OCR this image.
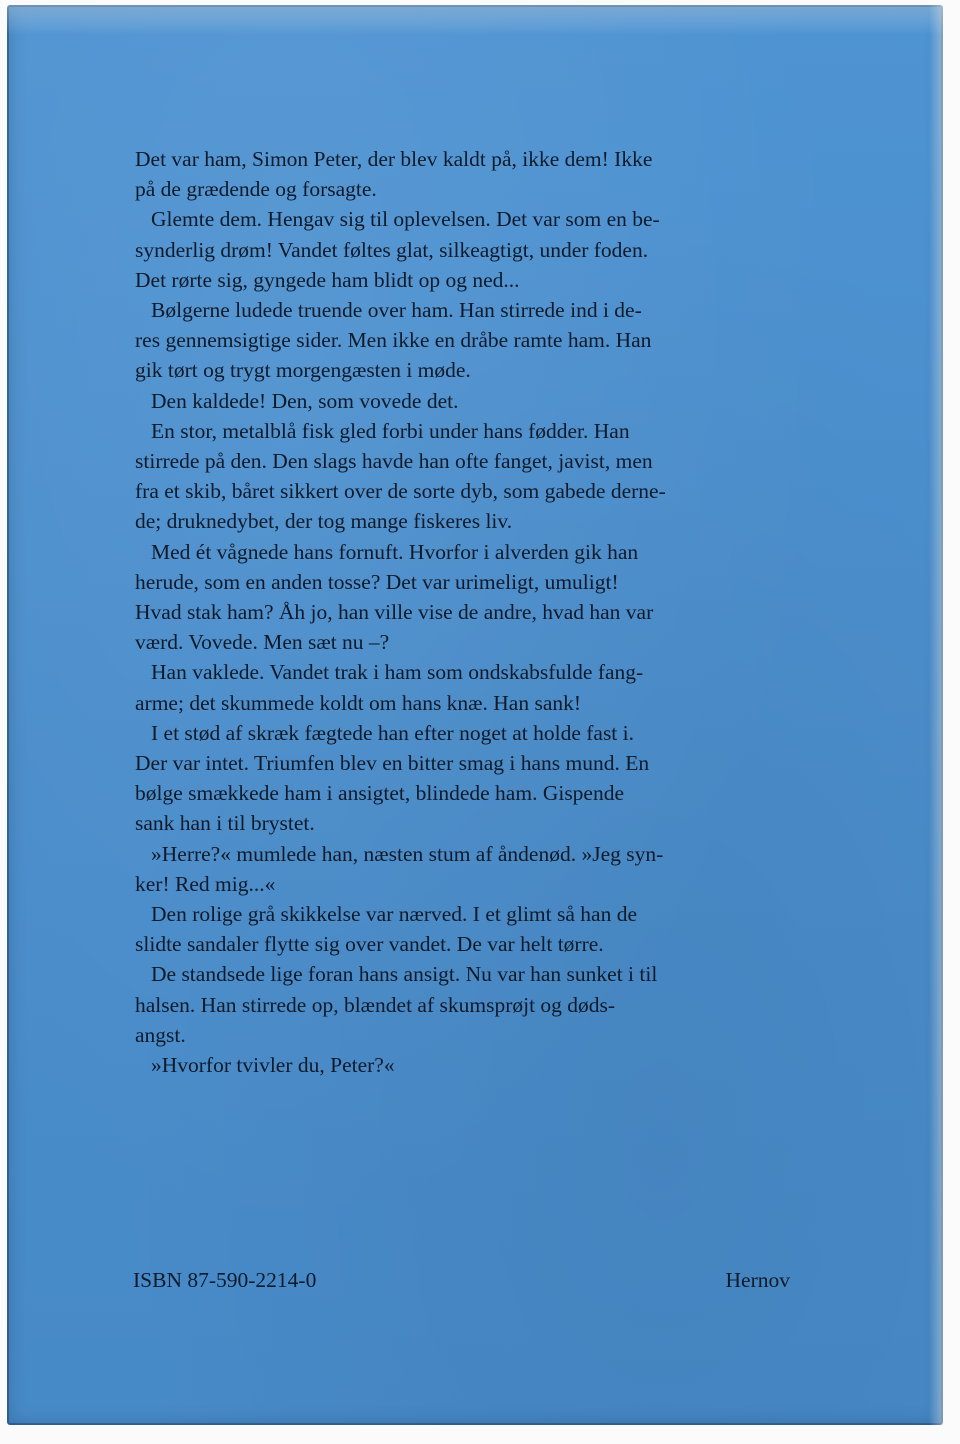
Det var ham, Simon Peter, der blev kaldt på, ikke dem! Ikke
på de grædende og forsagte.

Glemte dem. Hengav sig til oplevelsen. Det var som en be-
synderlig drøm! Vandet føltes glat, silkeagtigt, under foden.
Det rørte sig, gyngede ham blidt op og ned...

Bølgerne ludede truende over ham. Han stirrede ind i de-
res gennemsigtige sider. Men ikke en dråbe ramte ham. Han
gik tørt og trygt morgengæsten i møde.

Den kaldede! Den, som vovede det.

En stor, metalblå fisk gled forbi under hans fødder. Han
stirrede på den. Den slags havde han ofte fanget, javist, men
fra et skib, båret sikkert over de sorte dyb, som gabede derne-
de; druknedybet, der tog mange fiskeres liv.

Med ét vågnede hans fornuft. Hvorfor i alverden gik han
herude, som en anden tosse? Det var urimeligt, umuligt!
Hvad stak ham? Åh jo, han ville vise de andre, hvad han var
værd. Vovede. Men sæt nu –?

Han vaklede. Vandet trak i ham som ondskabsfulde fang-
arme; det skummede koldt om hans knæ. Han sank!

I et stød af skræk fægtede han efter noget at holde fast i.
Der var intet. Triumfen blev en bitter smag i hans mund. En
bølge smækkede ham i ansigtet, blindede ham. Gispende
sank han i til brystet.

»Herre?« mumlede han, næsten stum af åndenød. »Jeg syn-
ker! Red mig...«

Den rolige grå skikkelse var nærved. I et glimt så han de
slidte sandaler flytte sig over vandet. De var helt tørre.

De standsede lige foran hans ansigt. Nu var han sunket i til
halsen. Han stirrede op, blændet af skumsprøjt og døds-
angst.

»Hvorfor tvivler du, Peter?«

ISBN 87-590-2214-0	Hernov
